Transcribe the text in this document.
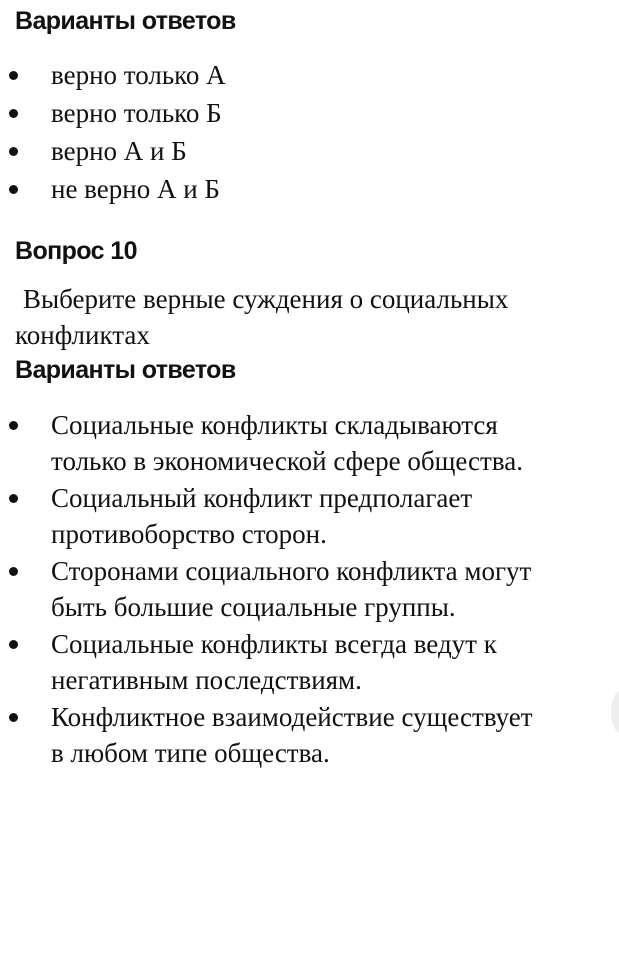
Варианты ответов
верно только А
верно только Б
верно А и Б
не верно А и Б
Вопрос 10
Выберите верные суждения о социальных
конфликтах
Варианты ответов
Социальные конфликты складываются
только в экономической сфере общества.
Социальный конфликт предполагает
противоборство сторон.
Сторонами социального конфликта могут
быть большие социальные группы.
Социальные конфликты всегда ведут к
негативным последствиям.
Конфликтное взаимодействие существует
в любом типе общества.
